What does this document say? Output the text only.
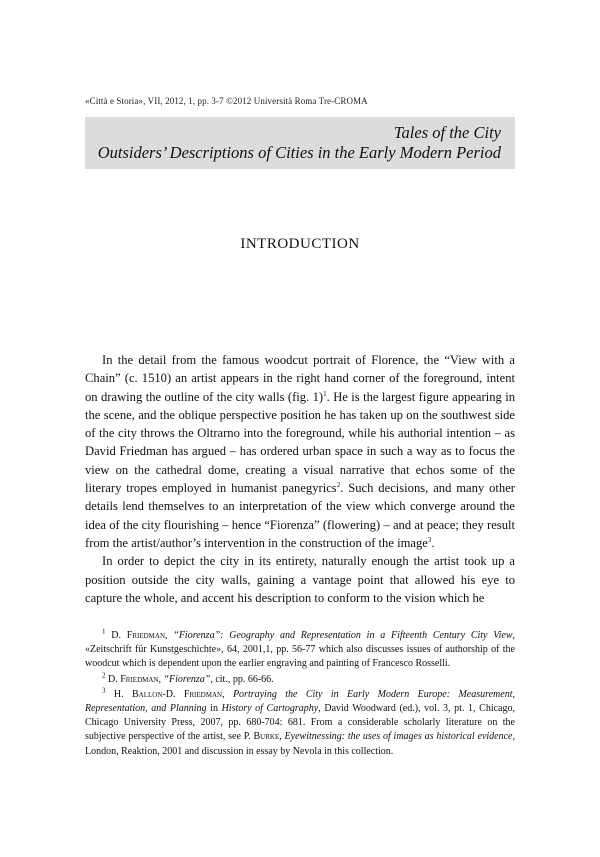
«Città e Storia», VII, 2012, 1, pp. 3-7 ©2012 Università Roma Tre-CROMA
Tales of the City
Outsiders’ Descriptions of Cities in the Early Modern Period
INTRODUCTION

In the detail from the famous woodcut portrait of Florence, the “View with a Chain” (c. 1510) an artist appears in the right hand corner of the foreground, intent on drawing the outline of the city walls (fig. 1)$^1$. He is the largest figure appearing in the scene, and the oblique perspective position he has taken up on the southwest side of the city throws the Oltrarno into the foreground, while his authorial intention – as David Friedman has argued – has ordered urban space in such a way as to focus the view on the cathedral dome, creating a visual narrative that echos some of the literary tropes employed in humanist panegyrics$^2$. Such decisions, and many other details lend themselves to an interpretation of the view which converge around the idea of the city flourishing – hence “Fiorenza” (flowering) – and at peace; they result from the artist/author’s intervention in the construction of the image$^3$.

In order to depict the city in its entirety, naturally enough the artist took up a position outside the city walls, gaining a vantage point that allowed his eye to capture the whole, and accent his description to conform to the vision which he

$^1$ D. Friedman, “Fiorenza”: Geography and Representation in a Fifteenth Century City View, «Zeitschrift für Kunstgeschichte», 64, 2001,1, pp. 56-77 which also discusses issues of authorship of the woodcut which is dependent upon the earlier engraving and painting of Francesco Rosselli.

$^2$ D. Friedman, “Fiorenza”, cit., pp. 66-66.

$^3$ H. Ballon-D. Friedman, Portraying the City in Early Modern Europe: Measurement, Representation, and Planning in History of Cartography, David Woodward (ed.), vol. 3, pt. 1, Chicago, Chicago University Press, 2007, pp. 680-704: 681. From a considerable scholarly literature on the subjective perspective of the artist, see P. Burke, Eyewitnessing: the uses of images as historical evidence, London, Reaktion, 2001 and discussion in essay by Nevola in this collection.
